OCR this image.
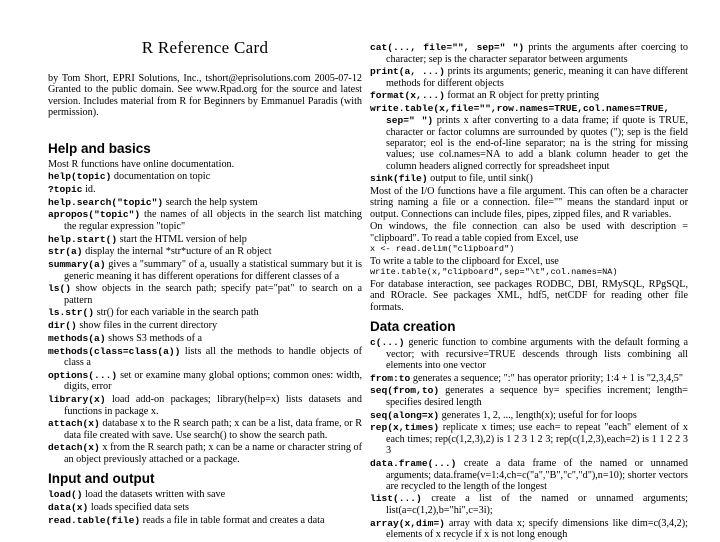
R Reference Card

by Tom Short, EPRI Solutions, Inc., tshort@eprisolutions.com 2005-07-12 Granted to the public domain. See www.Rpad.org for the source and latest version. Includes material from R for Beginners by Emmanuel Paradis (with permission).

Help and basics

Most R functions have online documentation.

help(topic) documentation on topic

?topic id.

help.search("topic") search the help system

apropos("topic") the names of all objects in the search list matching the regular expression "topic"

help.start() start the HTML version of help

str(a) display the internal *str*ucture of an R object

summary(a) gives a "summary" of a, usually a statistical summary but it is generic meaning it has different operations for different classes of a

ls() show objects in the search path; specify pat="pat" to search on a pattern

ls.str() str() for each variable in the search path

dir() show files in the current directory

methods(a) shows S3 methods of a

methods(class=class(a)) lists all the methods to handle objects of class a

options(...) set or examine many global options; common ones: width, digits, error

library(x) load add-on packages; library(help=x) lists datasets and functions in package x.

attach(x) database x to the R search path; x can be a list, data frame, or R data file created with save. Use search() to show the search path.

detach(x) x from the R search path; x can be a name or character string of an object previously attached or a package.

Input and output

load() load the datasets written with save

data(x) loads specified data sets

read.table(file) reads a file in table format and creates a data

cat(..., file="", sep=" ") prints the arguments after coercing to character; sep is the character separator between arguments

print(a, ...) prints its arguments; generic, meaning it can have different methods for different objects

format(x,...) format an R object for pretty printing

write.table(x,file="",row.names=TRUE,col.names=TRUE, sep=" ") prints x after converting to a data frame; if quote is TRUE, character or factor columns are surrounded by quotes ("); sep is the field separator; eol is the end-of-line separator; na is the string for missing values; use col.names=NA to add a blank column header to get the column headers aligned correctly for spreadsheet input

sink(file) output to file, until sink()

Most of the I/O functions have a file argument. This can often be a character string naming a file or a connection. file="" means the standard input or output. Connections can include files, pipes, zipped files, and R variables.

On windows, the file connection can also be used with description = "clipboard". To read a table copied from Excel, use

x <- read.delim("clipboard")

To write a table to the clipboard for Excel, use

write.table(x,"clipboard",sep="\t",col.names=NA)

For database interaction, see packages RODBC, DBI, RMySQL, RPgSQL, and ROracle. See packages XML, hdf5, netCDF for reading other file formats.

Data creation

c(...) generic function to combine arguments with the default forming a vector; with recursive=TRUE descends through lists combining all elements into one vector

from:to generates a sequence; ":" has operator priority; 1:4 + 1 is "2,3,4,5"

seq(from,to) generates a sequence by= specifies increment; length= specifies desired length

seq(along=x) generates 1, 2, ..., length(x); useful for for loops

rep(x,times) replicate x times; use each= to repeat "each" element of x each times; rep(c(1,2,3),2) is 1 2 3 1 2 3; rep(c(1,2,3),each=2) is 1 1 2 2 3 3

data.frame(...) create a data frame of the named or unnamed arguments; data.frame(v=1:4,ch=c("a","B","c","d"),n=10); shorter vectors are recycled to the length of the longest

list(...) create a list of the named or unnamed arguments; list(a=c(1,2),b="hi",c=3i);

array(x,dim=) array with data x; specify dimensions like dim=c(3,4,2); elements of x recycle if x is not long enough
